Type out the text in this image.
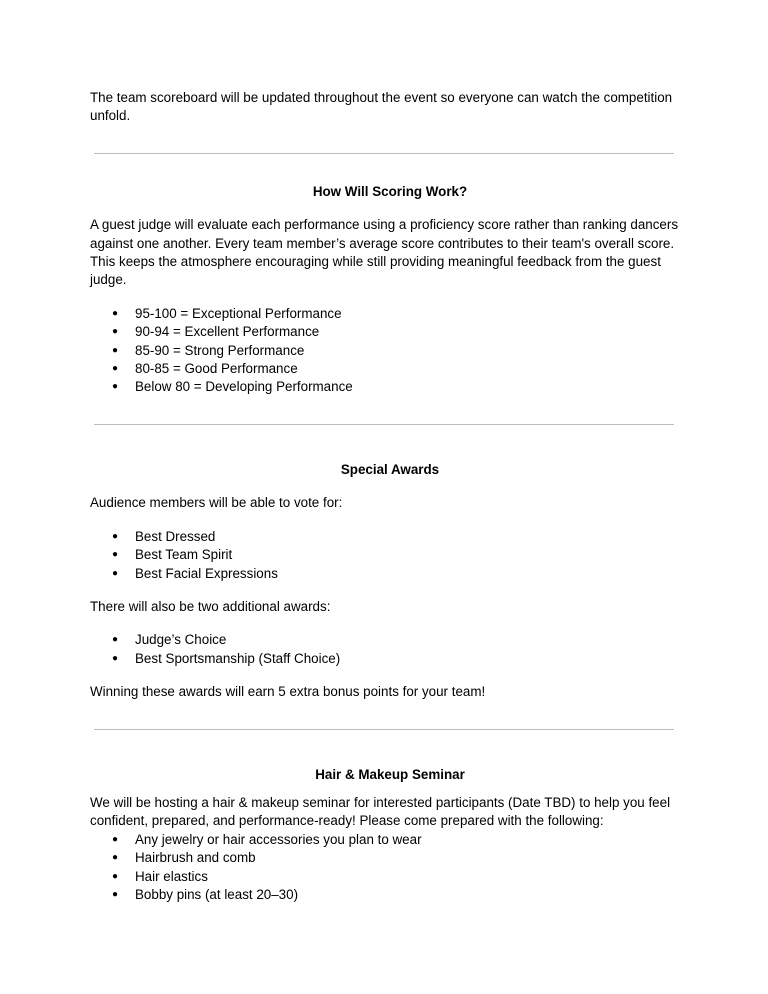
The team scoreboard will be updated throughout the event so everyone can watch the competition unfold.

How Will Scoring Work?

A guest judge will evaluate each performance using a proficiency score rather than ranking dancers against one another. Every team member’s average score contributes to their team's overall score. This keeps the atmosphere encouraging while still providing meaningful feedback from the guest judge.

● 95-100 = Exceptional Performance
● 90-94 = Excellent Performance
● 85-90 = Strong Performance
● 80-85 = Good Performance
● Below 80 = Developing Performance
Special Awards

Audience members will be able to vote for:

● Best Dressed
● Best Team Spirit
● Best Facial Expressions

There will also be two additional awards:

● Judge’s Choice
● Best Sportsmanship (Staff Choice)

Winning these awards will earn 5 extra bonus points for your team!

Hair & Makeup Seminar

We will be hosting a hair & makeup seminar for interested participants (Date TBD) to help you feel confident, prepared, and performance-ready! Please come prepared with the following:

● Any jewelry or hair accessories you plan to wear
● Hairbrush and comb
● Hair elastics
● Bobby pins (at least 20–30)
